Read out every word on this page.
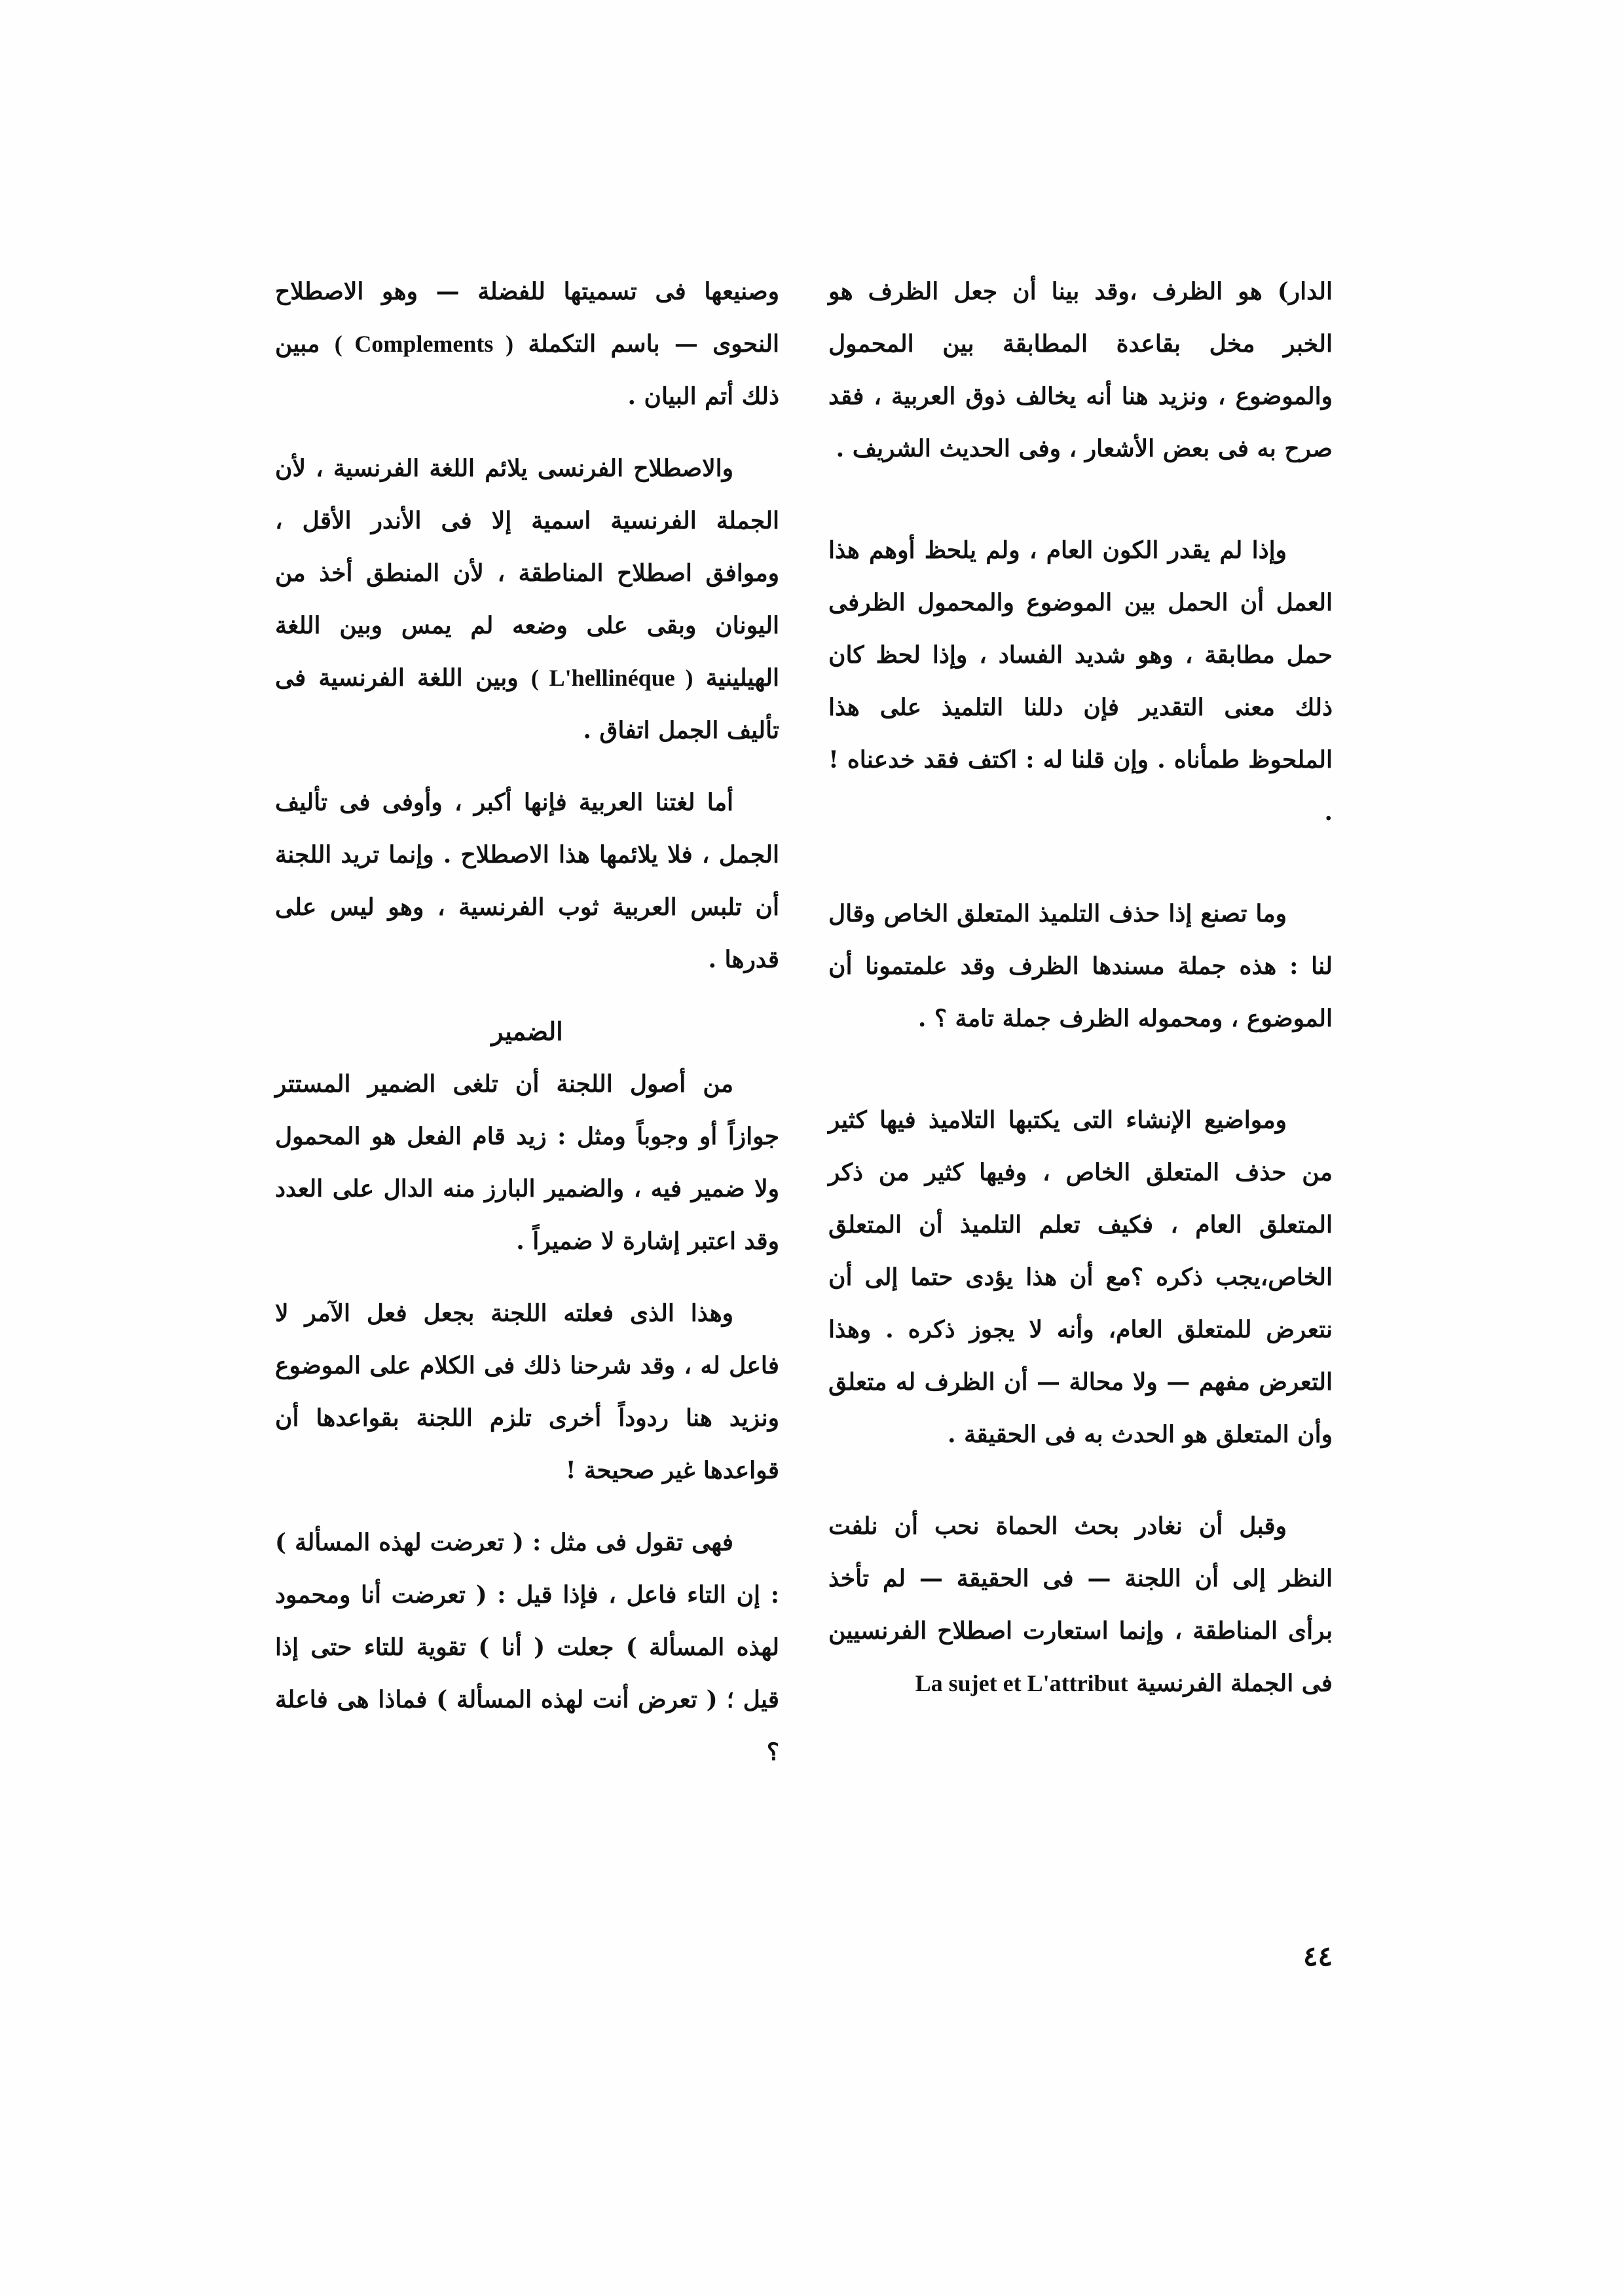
الدار) هو الظرف ،وقد بينا أن جعل الظرف هو الخبر مخل بقاعدة المطابقة بين المحمول والموضوع ، ونزيد هنا أنه يخالف ذوق العربية ، فقد صرح به فى بعض الأشعار ، وفى الحديث الشريف .

وإذا لم يقدر الكون العام ، ولم يلحظ أوهم هذا العمل أن الحمل بين الموضوع والمحمول الظرفى حمل مطابقة ، وهو شديد الفساد ، وإذا لحظ كان ذلك معنى التقدير فإن دللنا التلميذ على هذا الملحوظ طمأناه . وإن قلنا له : اكتف فقد خدعناه ! .

وما تصنع إذا حذف التلميذ المتعلق الخاص وقال لنا : هذه جملة مسندها الظرف وقد علمتمونا أن الموضوع ، ومحموله الظرف جملة تامة ؟ .

ومواضيع الإنشاء التى يكتبها التلاميذ فيها كثير من حذف المتعلق الخاص ، وفيها كثير من ذكر المتعلق العام ، فكيف تعلم التلميذ أن المتعلق الخاص،يجب ذكره ؟مع أن هذا يؤدى حتما إلى أن نتعرض للمتعلق العام، وأنه لا يجوز ذكره . وهذا التعرض مفهم — ولا محالة — أن الظرف له متعلق وأن المتعلق هو الحدث به فى الحقيقة .

وقبل أن نغادر بحث الحماة نحب أن نلفت النظر إلى أن اللجنة — فى الحقيقة — لم تأخذ برأى المناطقة ، وإنما استعارت اصطلاح الفرنسيين فى الجملة الفرنسية La sujet et L'attribut

وصنيعها فى تسميتها للفضلة — وهو الاصطلاح النحوى — باسم التكملة ( Complements ) مبين ذلك أتم البيان .

والاصطلاح الفرنسى يلائم اللغة الفرنسية ، لأن الجملة الفرنسية اسمية إلا فى الأندر الأقل ، وموافق اصطلاح المناطقة ، لأن المنطق أخذ من اليونان وبقى على وضعه لم يمس وبين اللغة الهيلينية ( L'hellinéque ) وبين اللغة الفرنسية فى تأليف الجمل اتفاق .

أما لغتنا العربية فإنها أكبر ، وأوفى فى تأليف الجمل ، فلا يلائمها هذا الاصطلاح . وإنما تريد اللجنة أن تلبس العربية ثوب الفرنسية ، وهو ليس على قدرها .

الضمير

من أصول اللجنة أن تلغى الضمير المستتر جوازاً أو وجوباً ومثل : زيد قام الفعل هو المحمول ولا ضمير فيه ، والضمير البارز منه الدال على العدد وقد اعتبر إشارة لا ضميراً .

وهذا الذى فعلته اللجنة بجعل فعل الآمر لا فاعل له ، وقد شرحنا ذلك فى الكلام على الموضوع ونزيد هنا ردوداً أخرى تلزم اللجنة بقواعدها أن قواعدها غير صحيحة !

فهى تقول فى مثل : ( تعرضت لهذه المسألة ) : إن التاء فاعل ، فإذا قيل : ( تعرضت أنا ومحمود لهذه المسألة ) جعلت ( أنا ) تقوية للتاء حتى إذا قيل ؛ ( تعرض أنت لهذه المسألة ) فماذا هى فاعلة ؟

٤٤
